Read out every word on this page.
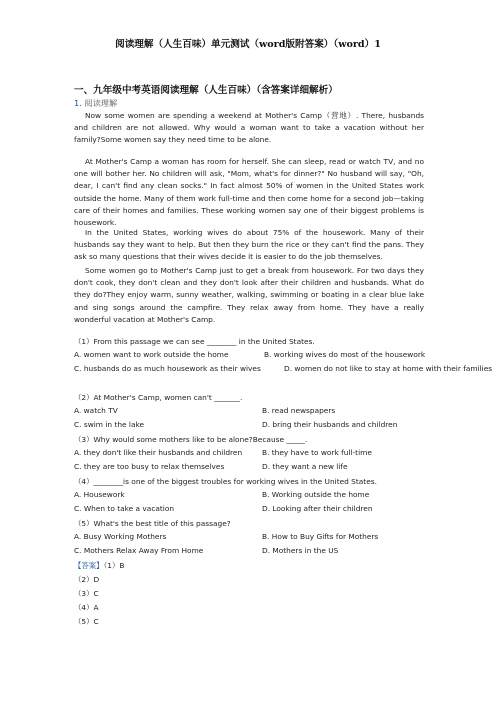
阅读理解（人生百味）单元测试（word版附答案）（word）1
一、九年级中考英语阅读理解（人生百味）（含答案详细解析）
1. 阅读理解
Now some women are spending a weekend at Mother's Camp（营地）. There, husbands and children are not allowed. Why would a woman want to take a vacation without her family?Some women say they need time to be alone.
At Mother's Camp a woman has room for herself. She can sleep, read or watch TV, and no one will bother her. No children will ask, "Mom, what's for dinner?" No husband will say, "Oh, dear, I can't find any clean socks." In fact almost 50% of women in the United States work outside the home. Many of them work full-time and then come home for a second job—taking care of their homes and families. These working women say one of their biggest problems is housework.
In the United States, working wives do about 75% of the housework. Many of their husbands say they want to help. But then they burn the rice or they can't find the pans. They ask so many questions that their wives decide it is easier to do the job themselves.
Some women go to Mother's Camp just to get a break from housework. For two days they don't cook, they don't clean and they don't look after their children and husbands. What do they do?They enjoy warm, sunny weather, walking, swimming or boating in a clear blue lake and sing songs around the campfire. They relax away from home. They have a really wonderful vacation at Mother's Camp.
（1）From this passage we can see ________ in the United States.
A. women want to work outside the home	B. working wives do most of the housework
C. husbands do as much housework as their wives	D. women do not like to stay at home with their families
（2）At Mother's Camp, women can't _______.
A. watch TV	B. read newspapers
C. swim in the lake	D. bring their husbands and children
（3）Why would some mothers like to be alone?Because _____.
A. they don't like their husbands and children	B. they have to work full-time
C. they are too busy to relax themselves	D. they want a new life
（4）________is one of the biggest troubles for working wives in the United States.
A. Housework	B. Working outside the home
C. When to take a vacation	D. Looking after their children
（5）What's the best title of this passage?
A. Busy Working Mothers	B. How to Buy Gifts for Mothers
C. Mothers Relax Away From Home	D. Mothers in the US
【答案】（1）B
（2）D
（3）C
（4）A
（5）C
